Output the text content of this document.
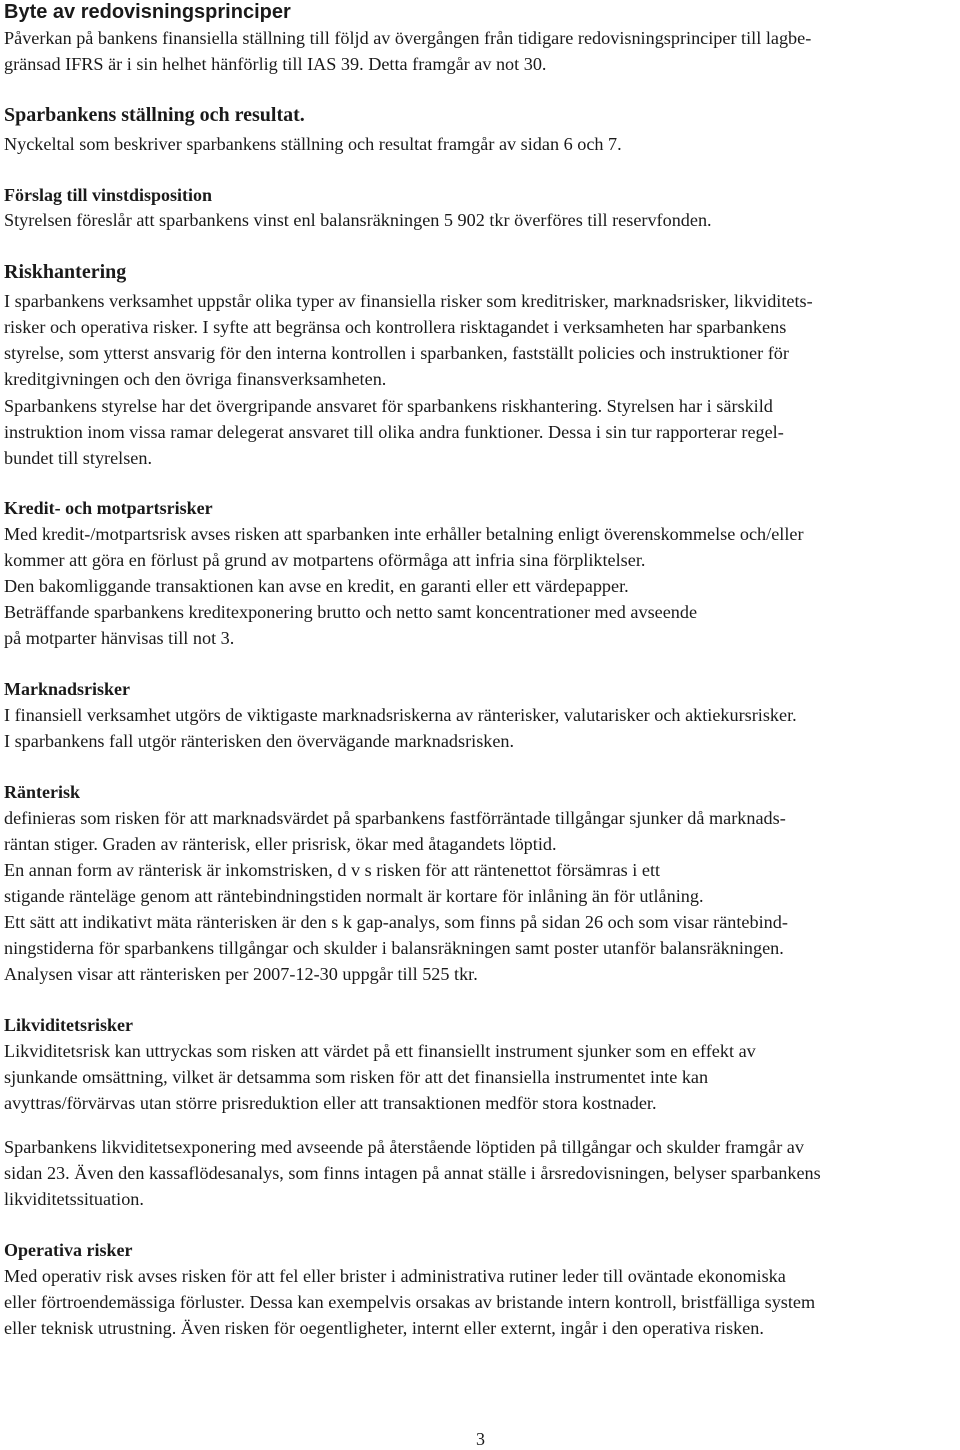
Byte av redovisningsprinciper
Påverkan på bankens finansiella ställning till följd av övergången från tidigare redovisningsprinciper till lagbe-
gränsad IFRS är i sin helhet hänförlig till IAS 39. Detta framgår av not 30.
Sparbankens ställning och resultat.
Nyckeltal som beskriver sparbankens ställning och resultat framgår av sidan 6 och 7.
Förslag till vinstdisposition
Styrelsen föreslår att sparbankens vinst enl balansräkningen 5 902 tkr överföres till reservfonden.
Riskhantering
I sparbankens verksamhet uppstår olika typer av finansiella risker som kreditrisker, marknadsrisker, likviditets-
risker och operativa risker. I syfte att begränsa och kontrollera risktagandet i verksamheten har sparbankens
styrelse, som ytterst ansvarig för den interna kontrollen i sparbanken, fastställt policies och instruktioner för
kreditgivningen och den övriga finansverksamheten.
Sparbankens styrelse har det övergripande ansvaret för sparbankens riskhantering. Styrelsen har i särskild
instruktion inom vissa ramar delegerat ansvaret till olika andra funktioner. Dessa i sin tur rapporterar regel-
bundet till styrelsen.
Kredit- och motpartsrisker
Med kredit-/motpartsrisk avses risken att sparbanken inte erhåller betalning enligt överenskommelse och/eller
kommer att göra en förlust på grund av motpartens oförmåga att infria sina förpliktelser.
Den bakomliggande transaktionen kan avse en kredit, en garanti eller ett värdepapper.
Beträffande sparbankens kreditexponering brutto och netto samt koncentrationer med avseende
på motparter hänvisas till not 3.
Marknadsrisker
I finansiell verksamhet utgörs de viktigaste marknadsriskerna av ränterisker, valutarisker och aktiekursrisker.
I sparbankens fall utgör ränterisken den övervägande marknadsrisken.
Ränterisk
definieras som risken för att marknadsvärdet på sparbankens fastförräntade tillgångar sjunker då marknads-
räntan stiger. Graden av ränterisk, eller prisrisk, ökar med åtagandets löptid.
En annan form av ränterisk är inkomstrisken, d v s risken för att räntenettot försämras i ett
stigande ränteläge genom att räntebindningstiden normalt är kortare för inlåning än för utlåning.
Ett sätt att indikativt mäta ränterisken är den s k gap-analys, som finns på sidan 26 och som visar räntebind-
ningstiderna för sparbankens tillgångar och skulder i balansräkningen samt poster utanför balansräkningen.
Analysen visar att ränterisken per 2007-12-30 uppgår till 525 tkr.
Likviditetsrisker
Likviditetsrisk kan uttryckas som risken att värdet på ett finansiellt instrument sjunker som en effekt av
sjunkande omsättning, vilket är detsamma som risken för att det finansiella instrumentet inte kan
avyttras/förvärvas utan större prisreduktion eller att transaktionen medför stora kostnader.
Sparbankens likviditetsexponering med avseende på återstående löptiden på tillgångar och skulder framgår av
sidan 23. Även den kassaflödesanalys, som finns intagen på annat ställe i årsredovisningen, belyser sparbankens
likviditetssituation.
Operativa risker
Med operativ risk avses risken för att fel eller brister i administrativa rutiner leder till oväntade ekonomiska
eller förtroendemässiga förluster. Dessa kan exempelvis orsakas av bristande intern kontroll, bristfälliga system
eller teknisk utrustning. Även risken för oegentligheter, internt eller externt, ingår i den operativa risken.
3
